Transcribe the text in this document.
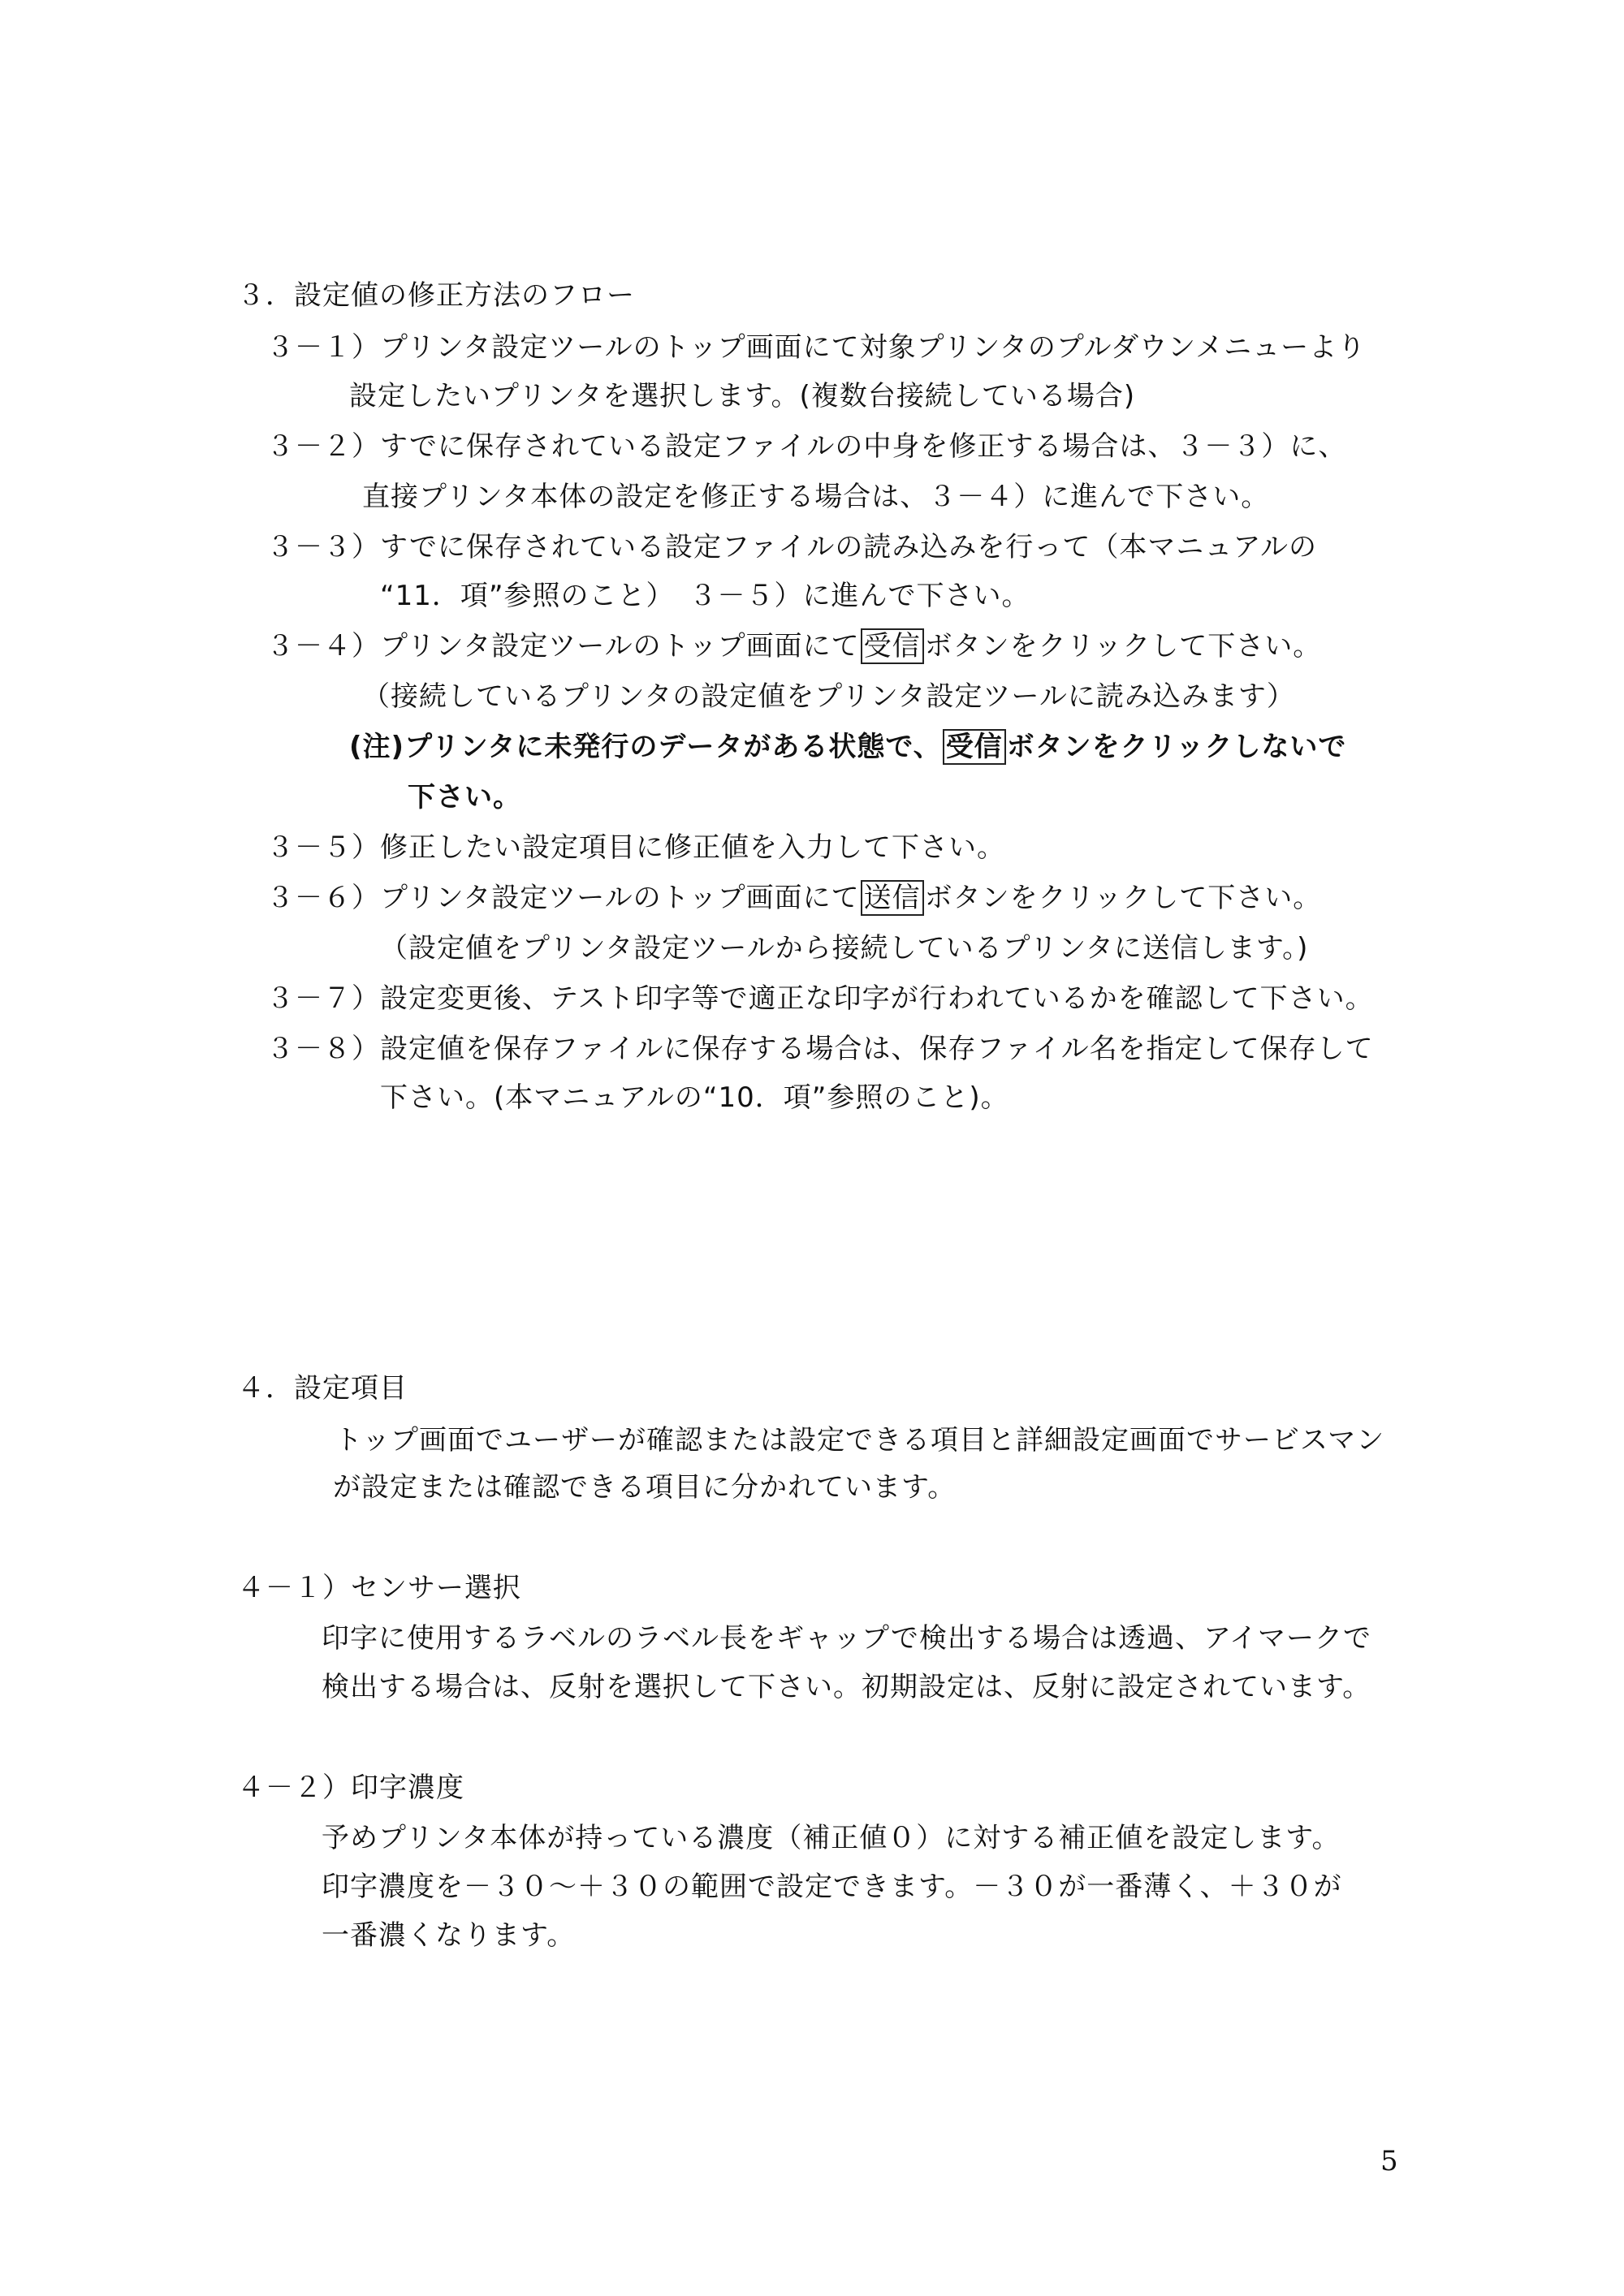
３．設定値の修正方法のフロー
３－１）プリンタ設定ツールのトップ画面にて対象プリンタのプルダウンメニューより
設定したいプリンタを選択します。(複数台接続している場合)
３－２）すでに保存されている設定ファイルの中身を修正する場合は、３－３）に、
直接プリンタ本体の設定を修正する場合は、３－４）に進んで下さい。
３－３）すでに保存されている設定ファイルの読み込みを行って（本マニュアルの
“11．項”参照のこと）　３－５）に進んで下さい。
３－４）プリンタ設定ツールのトップ画面にて 受信 ボタンをクリックして下さい。
（接続しているプリンタの設定値をプリンタ設定ツールに読み込みます）
(注)プリンタに未発行のデータがある状態で、 受信 ボタンをクリックしないで
下さい。
３－５）修正したい設定項目に修正値を入力して下さい。
３－６）プリンタ設定ツールのトップ画面にて 送信 ボタンをクリックして下さい。
（設定値をプリンタ設定ツールから接続しているプリンタに送信します。)
３－７）設定変更後、テスト印字等で適正な印字が行われているかを確認して下さい。
３－８）設定値を保存ファイルに保存する場合は、保存ファイル名を指定して保存して
下さい。(本マニュアルの“10．項”参照のこと)。
４．設定項目
トップ画面でユーザーが確認または設定できる項目と詳細設定画面でサービスマン
が設定または確認できる項目に分かれています。
４－１）センサー選択
印字に使用するラベルのラベル長をギャップで検出する場合は透過、アイマークで
検出する場合は、反射を選択して下さい。初期設定は、反射に設定されています。
４－２）印字濃度
予めプリンタ本体が持っている濃度（補正値０）に対する補正値を設定します。
印字濃度を－３０～＋３０の範囲で設定できます。－３０が一番薄く、＋３０が
一番濃くなります。
5
